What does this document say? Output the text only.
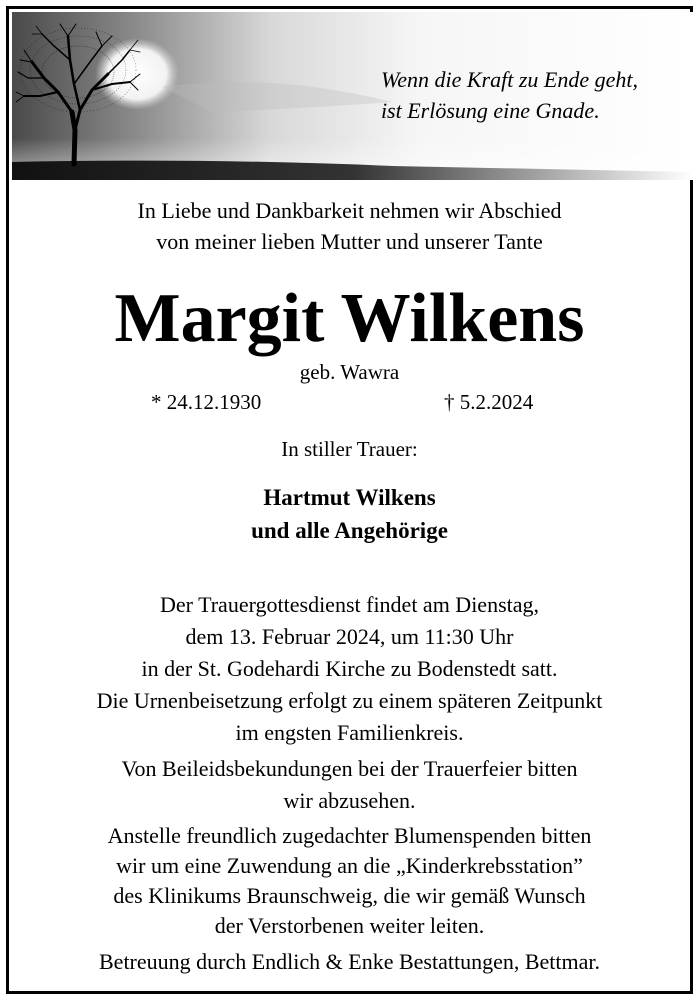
Wenn die Kraft zu Ende geht,
ist Erlösung eine Gnade.
In Liebe und Dankbarkeit nehmen wir Abschied
von meiner lieben Mutter und unserer Tante
Margit Wilkens
geb. Wawra
* 24.12.1930	† 5.2.2024
In stiller Trauer:
Hartmut Wilkens
und alle Angehörige
Der Trauergottesdienst findet am Dienstag,
dem 13. Februar 2024, um 11:30 Uhr
in der St. Godehardi Kirche zu Bodenstedt satt.
Die Urnenbeisetzung erfolgt zu einem späteren Zeitpunkt
im engsten Familienkreis.
Von Beileidsbekundungen bei der Trauerfeier bitten
wir abzusehen.
Anstelle freundlich zugedachter Blumenspenden bitten
wir um eine Zuwendung an die „Kinderkrebsstation”
des Klinikums Braunschweig, die wir gemäß Wunsch
der Verstorbenen weiter leiten.
Betreuung durch Endlich & Enke Bestattungen, Bettmar.
